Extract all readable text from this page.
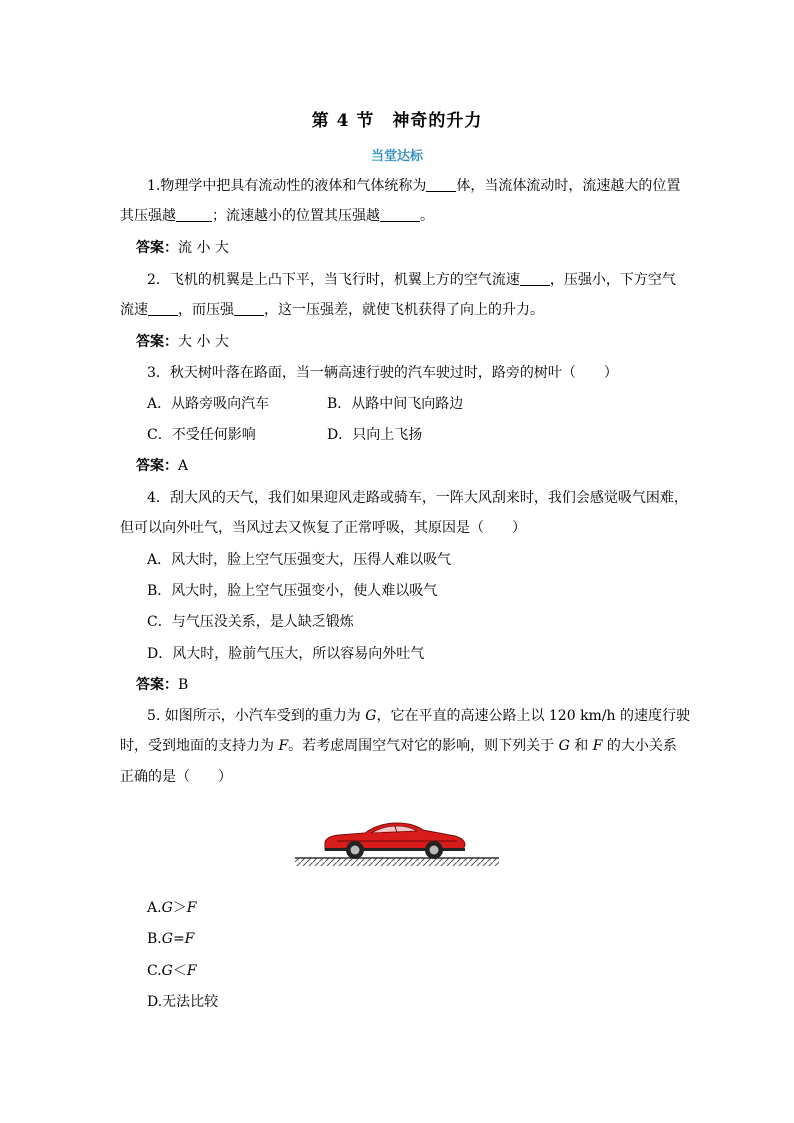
第 4 节 神奇的升力
当堂达标
1.物理学中把具有流动性的液体和气体统称为 体，当流体流动时，流速越大的位置
其压强越	；流速越小的位置其压强越	。
答案：流 小 大
2．飞机的机翼是上凸下平，当飞行时，机翼上方的空气流速 ，压强小，下方空气
流速 ，而压强 ，这一压强差，就使飞机获得了向上的升力。
答案：大 小 大
3．秋天树叶落在路面，当一辆高速行驶的汽车驶过时，路旁的树叶（　　）
A．从路旁吸向汽车	B．从路中间飞向路边
C．不受任何影响	D．只向上飞扬
答案：A
4．刮大风的天气，我们如果迎风走路或骑车，一阵大风刮来时，我们会感觉吸气困难，
但可以向外吐气，当风过去又恢复了正常呼吸，其原因是（　　）
A．风大时，脸上空气压强变大，压得人难以吸气
B．风大时，脸上空气压强变小，使人难以吸气
C．与气压没关系，是人缺乏锻炼
D．风大时，脸前气压大，所以容易向外吐气
答案：B
5. 如图所示，小汽车受到的重力为 G，它在平直的高速公路上以 120 km/h 的速度行驶
时，受到地面的支持力为 F。若考虑周围空气对它的影响，则下列关于 G 和 F 的大小关系
正确的是（　　）
A.G＞F
B.G=F
C.G＜F
D.无法比较
